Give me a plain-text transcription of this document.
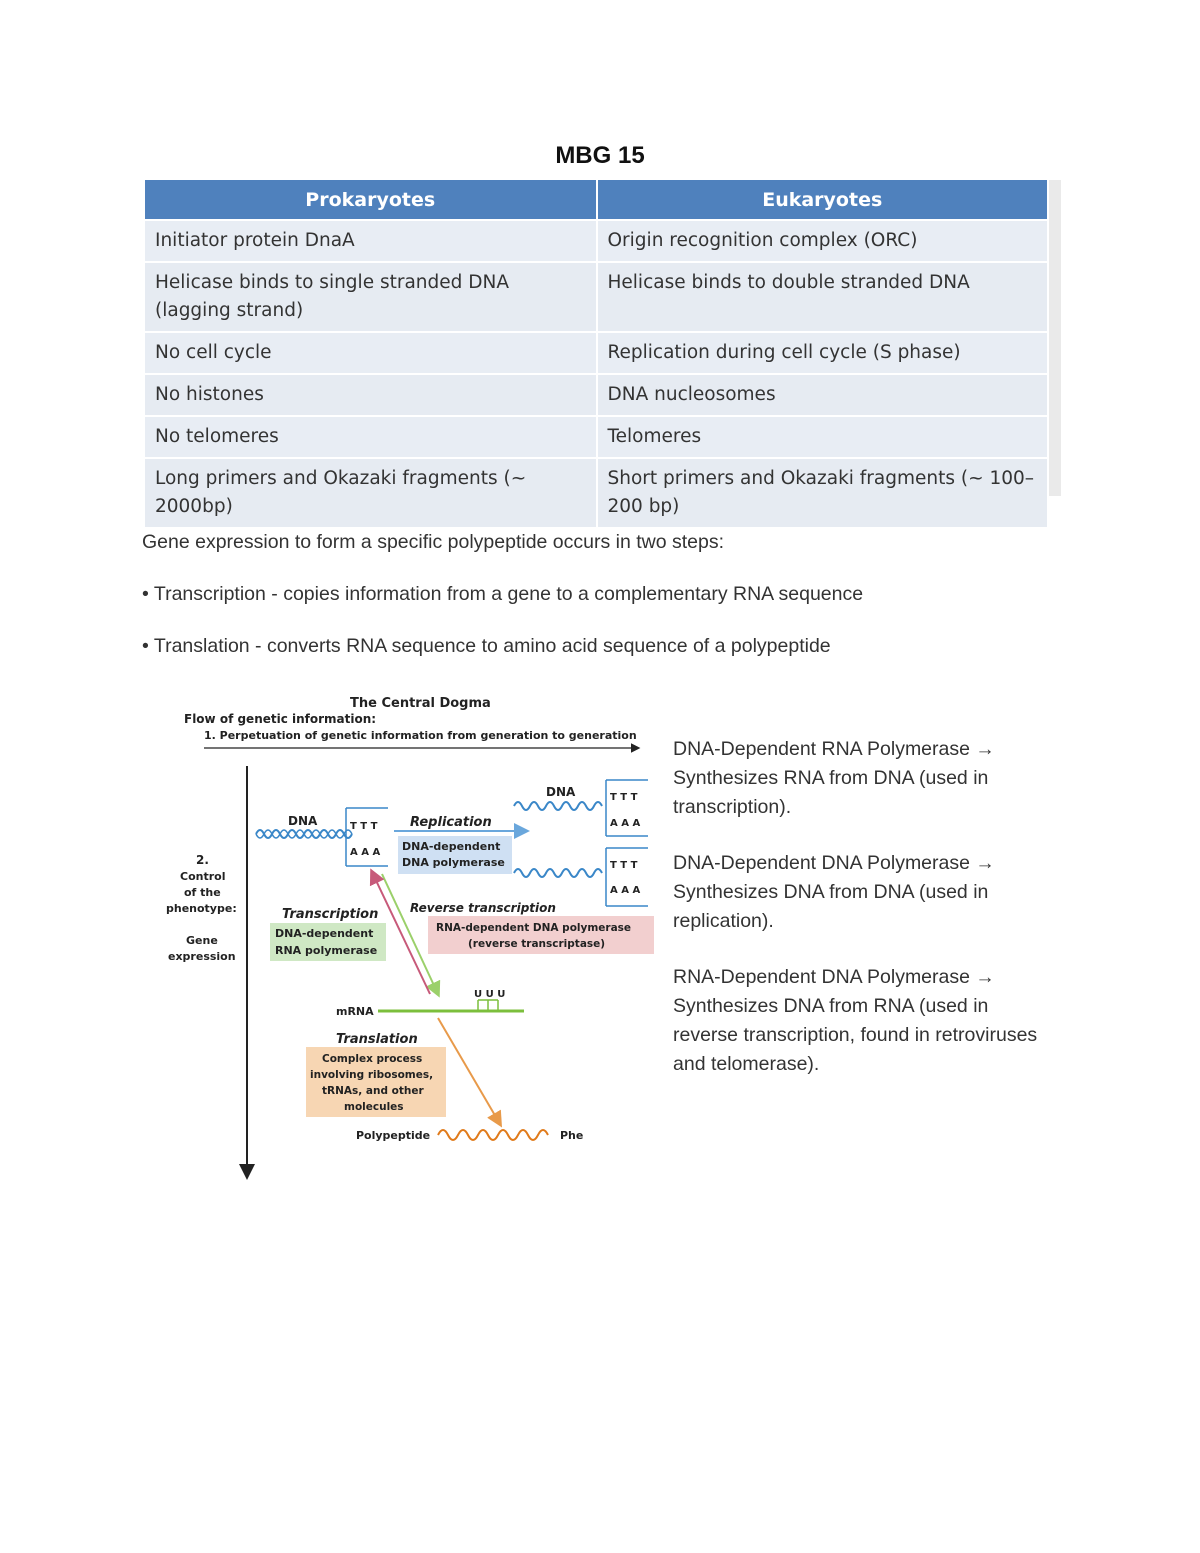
MBG 15
Prokaryotes	Eukaryotes
Initiator protein DnaA	Origin recognition complex (ORC)
Helicase binds to single stranded DNA (lagging strand)	Helicase binds to double stranded DNA
No cell cycle	Replication during cell cycle (S phase)
No histones	DNA nucleosomes
No telomeres	Telomeres
Long primers and Okazaki fragments (~ 2000bp)	Short primers and Okazaki fragments (~ 100–200 bp)
Gene expression to form a specific polypeptide occurs in two steps:
• Transcription - copies information from a gene to a complementary RNA sequence
• Translation - converts RNA sequence to amino acid sequence of a polypeptide
The Central Dogma
Flow of genetic information:
1. Perpetuation of genetic information from generation to generation
2.
Control
of the
phenotype:
Gene
expression
DNA	T T T
A A A
Replication
DNA-dependent
DNA polymerase
DNA	T T T
A A A
T T T
A A A
Transcription
DNA-dependent
RNA polymerase
Reverse transcription
RNA-dependent DNA polymerase
(reverse transcriptase)
mRNA
U U U
Translation
Complex process
involving ribosomes,
tRNAs, and other
molecules
Polypeptide	Phe
DNA-Dependent RNA Polymerase → Synthesizes RNA from DNA (used in transcription).
DNA-Dependent DNA Polymerase → Synthesizes DNA from DNA (used in replication).
RNA-Dependent DNA Polymerase → Synthesizes DNA from RNA (used in reverse transcription, found in retroviruses and telomerase).
